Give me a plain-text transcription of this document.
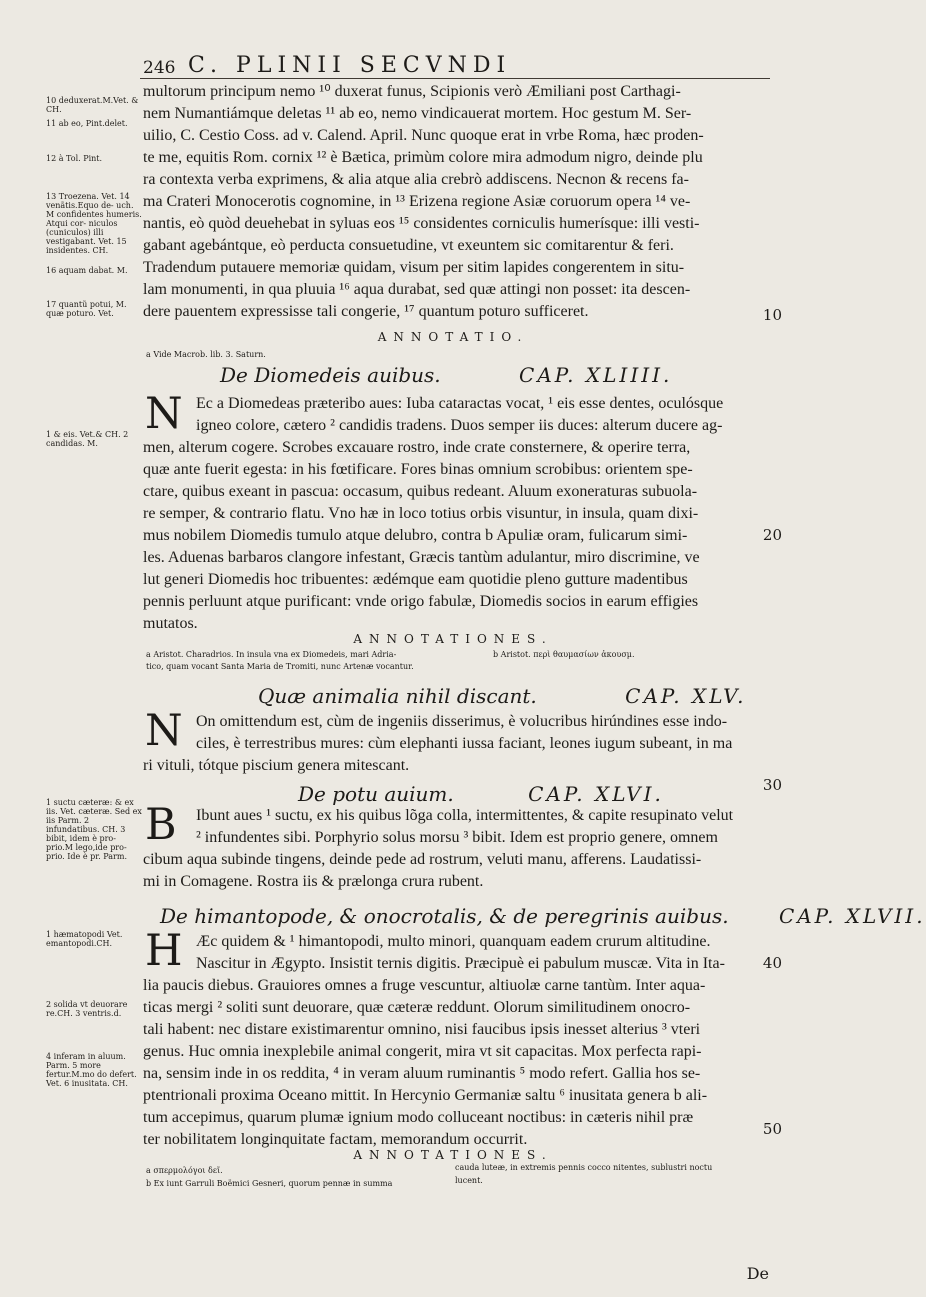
246 C. PLINII SECVNDI
10 deduxerat.M.Vet. & CH.
11 ab eo, Pint.delet.
12 à Tol. Pint.
13 Troezena. Vet. 14 venãtis.Equo de- uch. M confidentes humeris. Atqui cor- niculos (cuniculos) illi vestigabant. Vet. 15 insidentes. CH.
16 aquam dabat. M.
17 quantũ potui, M. quæ poturo. Vet.
1 & eis. Vet.& CH. 2 candidas. M.
1 suctu cæteræ: & ex iis. Vet. cæteræ. Sed ex iis Parm. 2 infundatibus. CH. 3 bibit, idem è pro- prio.M lego,ide pro- prio. Ide è pr. Parm.
1 hæmatopodi Vet. emantopodi.CH.
2 solida vt deuorare re.CH. 3 ventris.d.
4 inferam in aluum. Parm. 5 more fertur.M.mo do defert. Vet. 6 inusitata. CH.
multorum principum nemo ¹⁰ duxerat funus, Scipionis verò Æmiliani post Carthagi-
nem Numantiámque deletas ¹¹ ab eo, nemo vindicauerat mortem. Hoc gestum M. Ser-
uilio, C. Cestio Coss. ad v. Calend. April. Nunc quoque erat in vrbe Roma, hæc proden-
te me, equitis Rom. cornix ¹² è Bætica, primùm colore mira admodum nigro, deinde plu
ra contexta verba exprimens, & alia atque alia crebrò addiscens. Necnon & recens fa-
ma Crateri Monocerotis cognomine, in ¹³ Erizena regione Asiæ coruorum opera ¹⁴ ve-
nantis, eò quòd deuehebat in syluas eos ¹⁵ considentes corniculis humerísque: illi vesti-
gabant agebántque, eò perducta consuetudine, vt exeuntem sic comitarentur & feri.
Tradendum putauere memoriæ quidam, visum per sitim lapides congerentem in situ-
lam monumenti, in qua pluuia ¹⁶ aqua durabat, sed quæ attingi non posset: ita descen-
dere pauentem expressisse tali congerie, ¹⁷ quantum poturo sufficeret.	10
ANNOTATIO.
a Vide Macrob. lib. 3. Saturn.
De Diomedeis auibus.	CAP. XLIIII.
N Ec a Diomedeas præteribo aues: Iuba cataractas vocat, ¹ eis esse dentes, oculósque
igneo colore, cætero ² candidis tradens. Duos semper iis duces: alterum ducere ag-
men, alterum cogere. Scrobes excauare rostro, inde crate consternere, & operire terra,
quæ ante fuerit egesta: in his fœtificare. Fores binas omnium scrobibus: orientem spe-
ctare, quibus exeant in pascua: occasum, quibus redeant. Aluum exoneraturas subuola-
re semper, & contrario flatu. Vno hæ in loco totius orbis visuntur, in insula, quam dixi-
mus nobilem Diomedis tumulo atque delubro, contra b Apuliæ oram, fulicarum simi-
les. Aduenas barbaros clangore infestant, Græcis tantùm adulantur, miro discrimine, ve
lut generi Diomedis hoc tribuentes: ædémque eam quotidie pleno gutture madentibus
pennis perluunt atque purificant: vnde origo fabulæ, Diomedis socios in earum effigies
mutatos.
20
ANNOTATIONES.
a Aristot. Charadrios. In insula vna ex Diomedeis, mari Adria-
tico, quam vocant Santa Maria de Tromiti, nunc Artenæ vocantur.
b Aristot. περὶ θαυμασίων ἀκουσμ.
Quæ animalia nihil discant.	CAP. XLV.
N On omittendum est, cùm de ingeniis disserimus, è volucribus hirúndines esse indo-
ciles, è terrestribus mures: cùm elephanti iussa faciant, leones iugum subeant, in ma
ri vituli, tótque piscium genera mitescant.
De potu auium.	CAP. XLVI.	30
B	Ibunt aues ¹ suctu, ex his quibus lõga colla, intermittentes, & capite resupinato velut
² infundentes sibi. Porphyrio solus morsu ³ bibit. Idem est proprio genere, omnem
cibum aqua subinde tingens, deinde pede ad rostrum, veluti manu, afferens. Laudatissi-
mi in Comagene. Rostra iis & prælonga crura rubent.
De himantopode, & onocrotalis, & de peregrinis auibus.	CAP. XLVII.
H Æc quidem & ¹ himantopodi, multo minori, quanquam eadem crurum altitudine.
Nascitur in Ægypto. Insistit ternis digitis. Præcipuè ei pabulum muscæ. Vita in Ita-
lia paucis diebus. Grauiores omnes a fruge vescuntur, altiuolæ carne tantùm. Inter aqua-
ticas mergi ² soliti sunt deuorare, quæ cæteræ reddunt. Olorum similitudinem onocro-
tali habent: nec distare existimarentur omnino, nisi faucibus ipsis inesset alterius ³ vteri
genus. Huc omnia inexplebile animal congerit, mira vt sit capacitas. Mox perfecta rapi-
na, sensim inde in os reddita, ⁴ in veram aluum ruminantis ⁵ modo refert. Gallia hos se-
ptentrionali proxima Oceano mittit. In Hercynio Germaniæ saltu ⁶ inusitata genera b ali-
tum accepimus, quarum plumæ ignium modo colluceant noctibus: in cæteris nihil præ
ter nobilitatem longinquitate factam, memorandum occurrit.
40
50
ANNOTATIONES.
a σπερμολόγοι δεῖ.
b Ex iunt Garruli Boëmici Gesneri, quorum pennæ in summa
cauda luteæ, in extremis pennis cocco nitentes, sublustri noctu
lucent.
De
